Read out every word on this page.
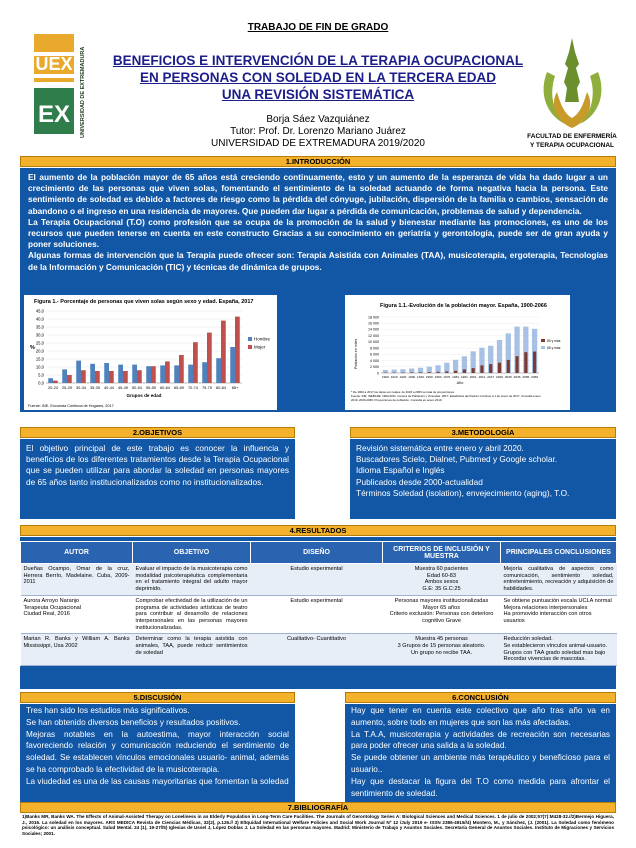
UEX
EX UNIVERSIDAD DE EXTREMADURA
TRABAJO DE FIN DE GRADO
BENEFICIOS E INTERVENCIÓN DE LA TERAPIA OCUPACIONAL
EN PERSONAS CON SOLEDAD EN LA TERCERA EDAD
UNA REVISIÓN SISTEMÁTICA
Borja Sáez Vazquiánez
Tutor: Prof. Dr. Lorenzo Mariano Juárez
UNIVERSIDAD DE EXTREMADURA 2019/2020
FACULTAD DE ENFERMERÍA
Y TERAPIA OCUPACIONAL
1.INTRODUCCIÓN
El aumento de la población mayor de 65 años está creciendo continuamente, esto y un aumento de la esperanza de vida ha dado lugar a un crecimiento de las personas que viven solas, fomentando el sentimiento de la soledad actuando de forma negativa hacia la persona. Este sentimiento de soledad es debido a factores de riesgo como la pérdida del cónyuge, jubilación, dispersión de la familia o cambios, sensación de abandono o el ingreso en una residencia de mayores. Que pueden dar lugar a pérdida de comunicación, problemas de salud y dependencia.
La Terapia Ocupacional (T.O) como profesión que se ocupa de la promoción de la salud y bienestar mediante las promociones, es uno de los recursos que pueden tenerse en cuenta en este constructo Gracias a su conocimiento en geriatría y gerontología, puede ser de gran ayuda y poner soluciones.
Algunas formas de intervención que la Terapia puede ofrecer son: Terapia Asistida con Animales (TAA), musicoterapia, ergoterapia, Tecnologías de la Información y Comunicación (TIC) y técnicas de dinámica de grupos.
Figura 1.- Porcentaje de personas que viven solas según sexo y edad. España, 2017
0,0
5,0
10,0
15,0
20,0
25,0
30,0
35,0
40,0
45,0
20-24 25-29 30-34 35-39 40-44 45-49 50-54 55-59 60-64 65-69 70-74 75-79 80-84 85+
%
Grupos de edad
Hombre
Mujer
Fuente: INE. Encuesta Continua de Hogares, 2017
Figura 1.1.-Evolución de la población mayor. España, 1900-2066
0
2 000
4 000
6 000
8 000
10 000
12 000
14 000
16 000
18 000
1900 1910 1920 1930 1940 1950 1960 1970 1981 1991 2001 2011 2017 2026 2036 2046 2056 2066
Población en miles
Año
80 y más
65 y más
* De 1900 a 2017 los datos son reales; de 2026 a 2066 se trata de proyecciones.
Fuente: INE: INEBASE: 1900-2011: Censos de Población y Viviendas. 2017: Estadística del Padrón Continuo a 1 de enero de 2017. Consulta enero
2019. 2026-2066: Proyecciones de población. Consulta en enero 2019.
2.OBJETIVOS
El objetivo principal de este trabajo es conocer la influencia y beneficios de los diferentes tratamientos desde la Terapia Ocupacional que se pueden utilizar para abordar la soledad en personas mayores de 65 años tanto institucionalizados como no institucionalizados.
3.METODOLOGÍA
Revisión sistemática entre enero y abril 2020.
Buscadores Scielo, Dialnet, Pubmed y Google scholar.
Idioma Español e Inglés
Publicados desde 2000-actualidad
Términos Soledad (isolation), envejecimiento (aging), T.O.
4.RESULTADOS
AUTOR	OBJETIVO	DISEÑO	CRITERIOS DE INCLUSIÓN Y MUESTRA	PRINCIPALES CONCLUSIONES
Dueñas Ocampo, Omar de la cruz, Herrera Berrío, Madelaine. Cuba, 2009-2011	Evaluar el impacto de la musicoterapia como modalidad psicoterapéutica complementaria en el tratamiento integral del adulto mayor deprimido.	Estudio experimental	Muestra 60 pacientes
Edad 60-83
Ambos sexos
G.E: 35 G.C:25	Mejoría cualitativa de aspectos como comunicación, sentimiento soledad, entretenimiento, recreación y adquisición de habilidades.
Aurora Arroyo Naranjo
Terapeuta Ocupacional
Ciudad Real, 2016	Comprobar efectividad de la utilización de un programa de actividades artísticas de teatro para contribuir al desarrollo de relaciones interpersonales en las personas mayores institucionalizadas.	Estudio experimental	Personas mayores institucionalizadas
Mayor 65 años
Criterio exclusión: Personas con deterioro cognitivo Grave	Se obtiene puntuación escala UCLA normal
Mejora relaciones interpersonales
Ha promovido interacción con otros usuarios
Marian R. Banks y William A. Banks Mississippi, Usa 2002	Determinar como la terapia asistida con animales, TAA, puede reducir sentimientos de soledad	Cualitativo- Cuantitativo	Muestra 45 personas
3 Grupos de 15 personas aleatorio.
Un grupo no recibe TAA.	Reducción soledad.
Se establecieron vínculos animal-usuario.
Grupos con TAA grado soledad mas bajo
Recordar vivencias de mascotas.
5.DISCUSIÓN
Tres han sido los estudios más significativos.
Se han obtenido diversos beneficios y resultados positivos.
Mejoras notables en la autoestima, mayor interacción social favoreciendo relación y comunicación reduciendo el sentimiento de soledad. Se establecen vínculos emocionales usuario- animal, además se ha comprobado la efectividad de la musicoterapia.
La viudedad es una de las causas mayoritarias que fomentan la soledad
6.CONCLUSIÓN
Hay que tener en cuenta este colectivo que año tras año va en aumento, sobre todo en mujeres que son las más afectadas.
La T.A.A, musicoterapia y actividades de recreación son necesarias para poder ofrecer una salida a la soledad.
Se puede obtener un ambiente más terapéutico y beneficioso para el usuario..
Hay que destacar la figura del T.O como medida para afrontar el sentimiento de soledad.
7.BIBLIOGRAFÍA
1)Banks MR, Banks WA. The Effects of Animal-Assisted Therapy on Loneliness in an Elderly Population in Long-Term Care Facilities. The Journals of Gerontology Series A: Biological Sciences and Medical Sciences. 1 de julio de 2002;57(7):M428-32.//2)Bermejo Higuera, J., 2016. La soledad en los mayores. ARS MEDICA Revista de Ciencias Médicas, 32(2), p.126.// 3) Eltquidad International Welfare Policies and Social Work Journal Nº 12 /July 2019 e- ISSN 2386-4915//4) Montero, M., y Sánchez, (J. (2001). La Soledad como fenómeno psicológico: un análisis conceptual. Salud Mental. 24 (1), 19-27//5) Iglesias de Ussel J, López Doblas J. La Soledad en las personas mayores. Madrid: Ministerio de Trabajo y Asuntos Sociales. Secretaría General de Asuntos Sociales. Instituto de Migraciones y Servicios Sociales; 2001.
